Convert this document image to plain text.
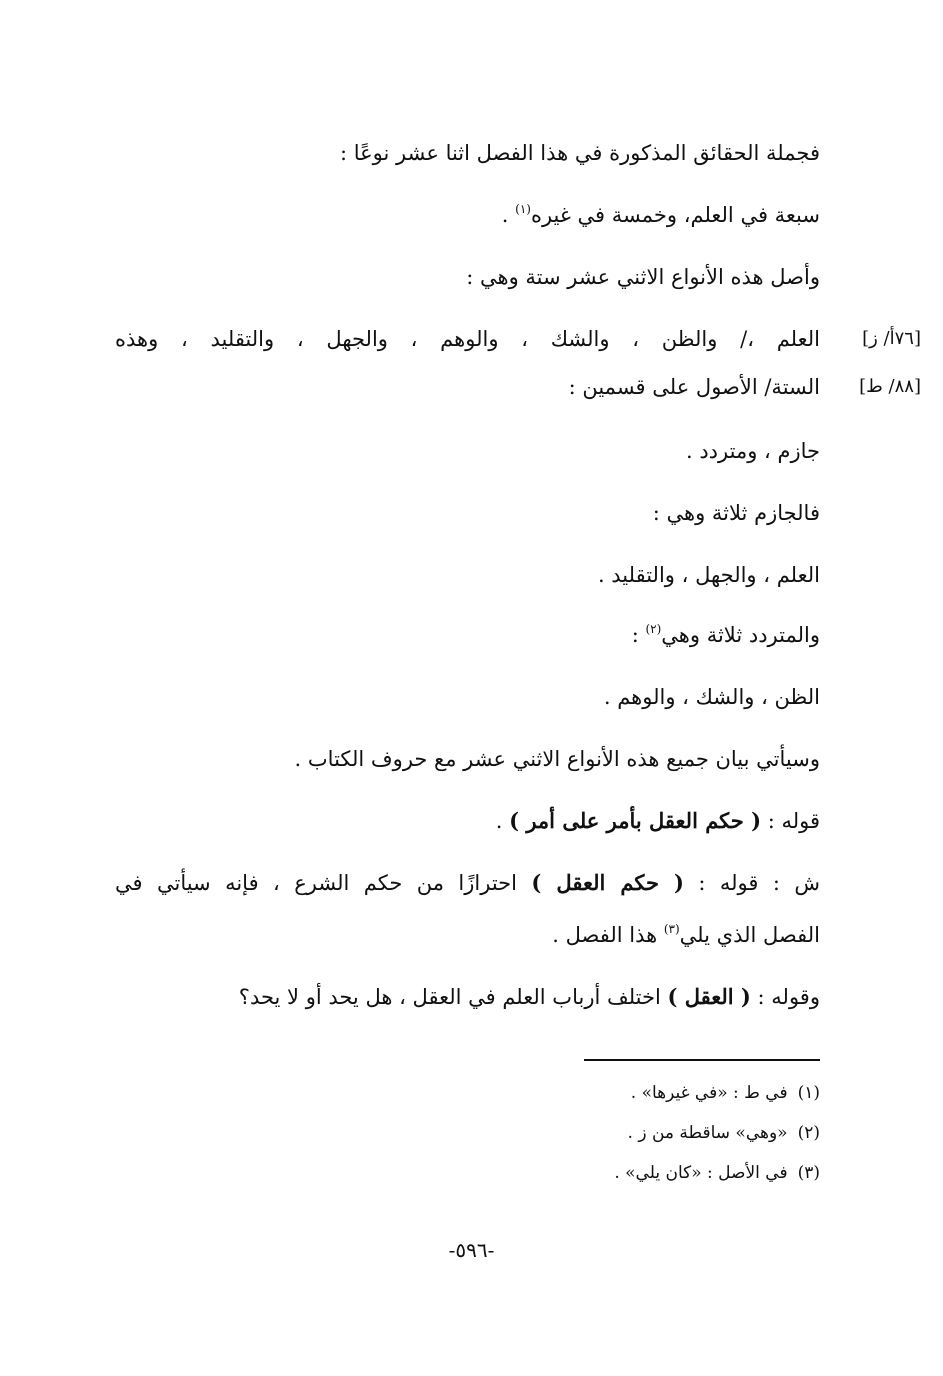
فجملة الحقائق المذكورة في هذا الفصل اثنا عشر نوعًا :
سبعة في العلم، وخمسة في غيره$^{(١)}$ .
وأصل هذه الأنواع الاثني عشر ستة وهي :
[٧٦أ/ ز]
العلم ،/ والظن ، والشك ، والوهم ، والجهل ، والتقليد ، وهذه
[٨٨/ ط]
الستة/ الأصول على قسمين :
جازم ، ومتردد .
فالجازم ثلاثة وهي :
العلم ، والجهل ، والتقليد .
والمتردد ثلاثة وهي$^{(٢)}$ :
الظن ، والشك ، والوهم .
وسيأتي بيان جميع هذه الأنواع الاثني عشر مع حروف الكتاب .
قوله : ( حكم العقل بأمر على أمر ) .
ش : قوله : ( حكم العقل ) احترازًا من حكم الشرع ، فإنه سيأتي في
الفصل الذي يلي$^{(٣)}$ هذا الفصل .
وقوله : ( العقل ) اختلف أرباب العلم في العقل ، هل يحد أو لا يحد؟
(١)في ط : «في غيرها» .
(٢)«وهي» ساقطة من ز .
(٣)في الأصل : «كان يلي» .
-٥٩٦-
